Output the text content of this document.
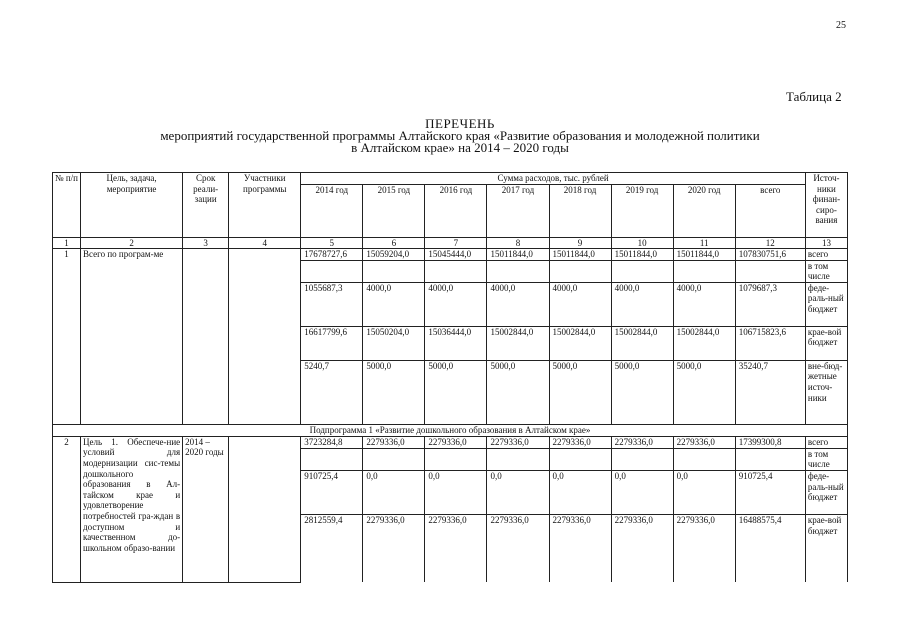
25
Таблица 2
ПЕРЕЧЕНЬ
мероприятий государственной программы Алтайского края «Развитие образования и молодежной политики
в Алтайском крае» на 2014 – 2020 годы
№ п/п	Цель, задача, мероприятие	Срок реали-зации	Участники программы	Сумма расходов, тыс. рублей								Источ-ники финан-сиро-вания
				2014 год	2015 год	2016 год	2017 год	2018 год	2019 год	2020 год	всего	
1	2	3	4	5	6	7	8	9	10	11	12	13
1	Всего по програм-ме			17678727,6	15059204,0	15045444,0	15011844,0	15011844,0	15011844,0	15011844,0	107830751,6	всего
												в том числе
				1055687,3	4000,0	4000,0	4000,0	4000,0	4000,0	4000,0	1079687,3	феде-раль-ный бюджет
				16617799,6	15050204,0	15036444,0	15002844,0	15002844,0	15002844,0	15002844,0	106715823,6	крае-вой бюджет
				5240,7	5000,0	5000,0	5000,0	5000,0	5000,0	5000,0	35240,7	вне-бюд-жетные источ-ники
Подпрограмма 1 «Развитие дошкольного образования в Алтайском крае»												
2	Цель 1. Обеспече-ние условий для модернизации сис-темы дошкольного образования в Ал-тайском крае и удовлетворение потребностей гра-ждан в доступном и качественном до-школьном образо-вании	2014 – 2020 годы		3723284,8	2279336,0	2279336,0	2279336,0	2279336,0	2279336,0	2279336,0	17399300,8	всего
												в том числе
				910725,4	0,0	0,0	0,0	0,0	0,0	0,0	910725,4	феде-раль-ный бюджет
				2812559,4	2279336,0	2279336,0	2279336,0	2279336,0	2279336,0	2279336,0	16488575,4	крае-вой бюджет
